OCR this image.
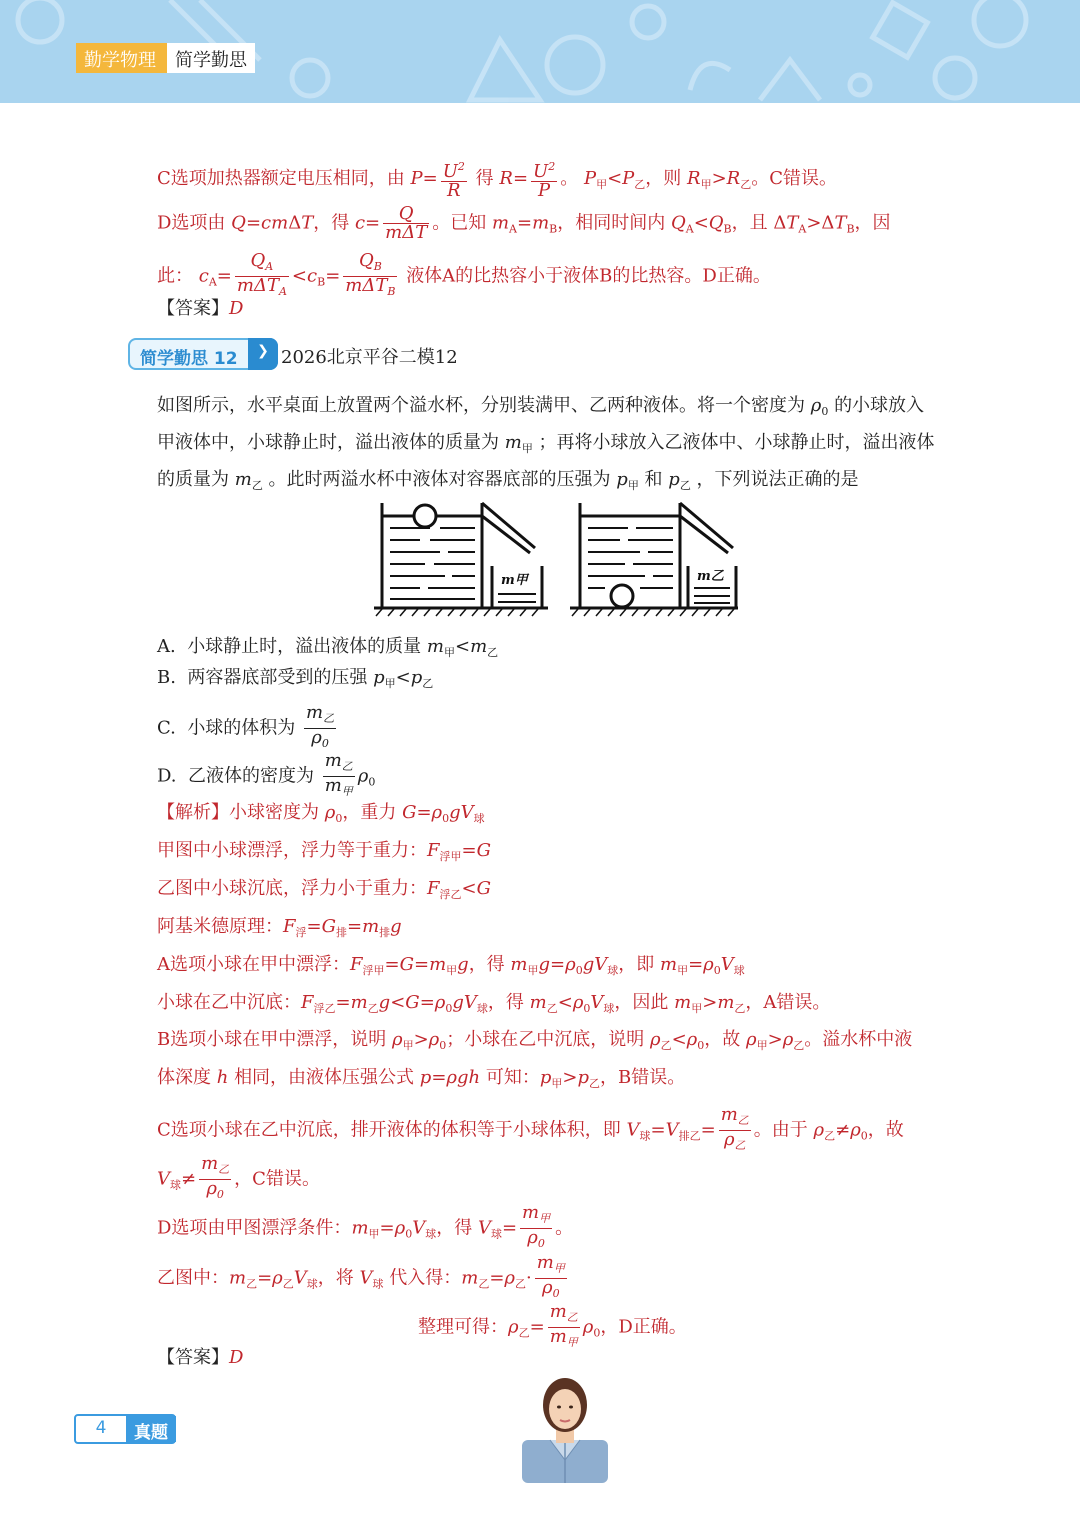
勤学物理	简学勤思
C选项加热器额定电压相同，由 $P= \frac{U^2}{R}$ 得 $R= \frac{U^2}{P}$ 。 $P_甲<P_乙$，则 $R_甲>R_乙$。C错误。
D选项由 Q=cmΔT，得 $c= \frac{Q}{\text{mΔT}}$ 。已知 $m_A=m_B$，相同时间内 $Q_A<Q_B$，且 $\Delta T_A>\Delta T_B$，因
此： $c_A= \frac{Q_A}{m\Delta T_A} <c_B= \frac{Q_B}{m\Delta T_B}$ 液体A的比热容小于液体B的比热容。D正确。
【答案】D
简学勤思 12	❯ 2026北京平谷二模12
如图所示，水平桌面上放置两个溢水杯，分别装满甲、乙两种液体。将一个密度为 $\rho_0$ 的小球放入
甲液体中，小球静止时，溢出液体的质量为 $m_甲$ ；再将小球放入乙液体中、小球静止时，溢出液体
的质量为 $m_乙$ 。此时两溢水杯中液体对容器底部的压强为 $p_甲$ 和 $p_乙$ ，下列说法正确的是
m甲	m乙
A. 小球静止时，溢出液体的质量 $m_甲<m_乙$
B. 两容器底部受到的压强 $p_甲<p_乙$
C. 小球的体积为 $\frac{m_乙}{\rho_0}$
D. 乙液体的密度为 $\frac{m_乙}{m_甲} \rho_0$
【解析】小球密度为 $\rho_0$，重力 $G=\rho_0gV_球$
甲图中小球漂浮，浮力等于重力：$F_{浮甲}=G$
乙图中小球沉底，浮力小于重力：$F_{浮乙}<G$
阿基米德原理：$F_浮=G_排=m_排g$
A选项小球在甲中漂浮：$F_{浮甲}=G=m_甲g$，得 $m_甲g=\rho_0gV_球$，即 $m_甲=\rho_0V_球$
小球在乙中沉底：$F_{浮乙}=m_乙g<G=\rho_0gV_球$，得 $m_乙<\rho_0V_球$，因此 $m_甲>m_乙$，A错误。
B选项小球在甲中漂浮，说明 $\rho_甲>\rho_0$；小球在乙中沉底，说明 $\rho_乙<\rho_0$，故 $\rho_甲>\rho_乙$。溢水杯中液
体深度 h 相同，由液体压强公式 p=ρgh 可知：$p_甲>p_乙$，B错误。
C选项小球在乙中沉底，排开液体的体积等于小球体积，即 $V_球=V_{排乙}= \frac{m_乙}{\rho_乙}$ 。由于 $\rho_乙\ne\rho_0$，故
$V_球\ne \frac{m_乙}{\rho_0}$ ，C错误。
D选项由甲图漂浮条件：$m_甲=\rho_0V_球$，得 $V_球= \frac{m_甲}{\rho_0}$ 。
乙图中：$m_乙=\rho_乙V_球$，将 $V_球$ 代入得：$m_乙=\rho_乙\cdot \frac{m_甲}{\rho_0}$
整理可得：$\rho_乙= \frac{m_乙}{m_甲} \rho_0$，D正确。
【答案】D
4	真题
